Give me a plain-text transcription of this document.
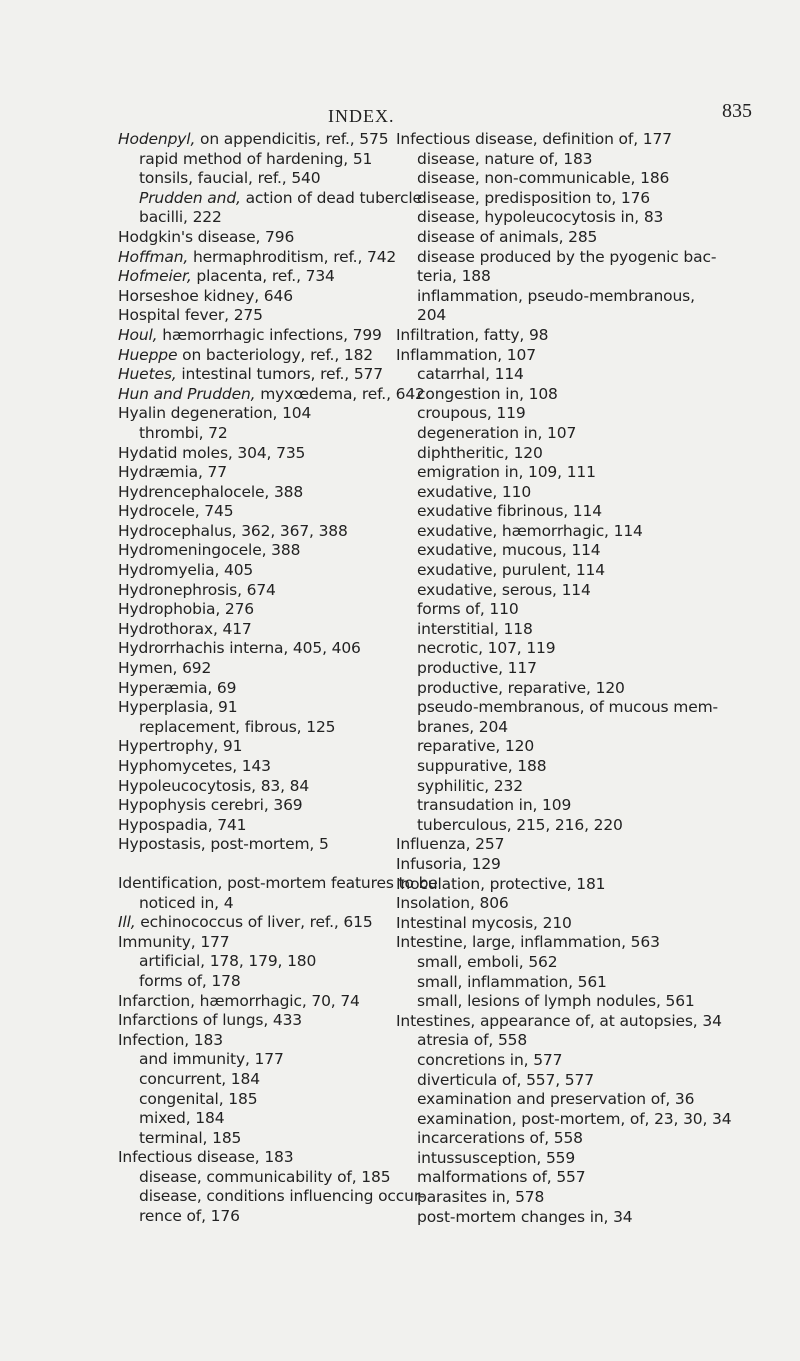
INDEX.	835
Hodenpyl, on appendicitis, ref., 575
rapid method of hardening, 51
tonsils, faucial, ref., 540
Prudden and, action of dead tubercle
bacilli, 222
Hodgkin's disease, 796
Hoffman, hermaphroditism, ref., 742
Hofmeier, placenta, ref., 734
Horseshoe kidney, 646
Hospital fever, 275
Houl, hæmorrhagic infections, 799
Hueppe on bacteriology, ref., 182
Huetes, intestinal tumors, ref., 577
Hun and Prudden, myxœdema, ref., 642
Hyalin degeneration, 104
thrombi, 72
Hydatid moles, 304, 735
Hydræmia, 77
Hydrencephalocele, 388
Hydrocele, 745
Hydrocephalus, 362, 367, 388
Hydromeningocele, 388
Hydromyelia, 405
Hydronephrosis, 674
Hydrophobia, 276
Hydrothorax, 417
Hydrorrhachis interna, 405, 406
Hymen, 692
Hyperæmia, 69
Hyperplasia, 91
replacement, fibrous, 125
Hypertrophy, 91
Hyphomycetes, 143
Hypoleucocytosis, 83, 84
Hypophysis cerebri, 369
Hypospadia, 741
Hypostasis, post-mortem, 5
Identification, post-mortem features to be
noticed in, 4
Ill, echinococcus of liver, ref., 615
Immunity, 177
artificial, 178, 179, 180
forms of, 178
Infarction, hæmorrhagic, 70, 74
Infarctions of lungs, 433
Infection, 183
and immunity, 177
concurrent, 184
congenital, 185
mixed, 184
terminal, 185
Infectious disease, 183
disease, communicability of, 185
disease, conditions influencing occur-
rence of, 176
Infectious disease, definition of, 177
disease, nature of, 183
disease, non-communicable, 186
disease, predisposition to, 176
disease, hypoleucocytosis in, 83
disease of animals, 285
disease produced by the pyogenic bac-
teria, 188
inflammation, pseudo-membranous,
204
Infiltration, fatty, 98
Inflammation, 107
catarrhal, 114
congestion in, 108
croupous, 119
degeneration in, 107
diphtheritic, 120
emigration in, 109, 111
exudative, 110
exudative fibrinous, 114
exudative, hæmorrhagic, 114
exudative, mucous, 114
exudative, purulent, 114
exudative, serous, 114
forms of, 110
interstitial, 118
necrotic, 107, 119
productive, 117
productive, reparative, 120
pseudo-membranous, of mucous mem-
branes, 204
reparative, 120
suppurative, 188
syphilitic, 232
transudation in, 109
tuberculous, 215, 216, 220
Influenza, 257
Infusoria, 129
Inoculation, protective, 181
Insolation, 806
Intestinal mycosis, 210
Intestine, large, inflammation, 563
small, emboli, 562
small, inflammation, 561
small, lesions of lymph nodules, 561
Intestines, appearance of, at autopsies, 34
atresia of, 558
concretions in, 577
diverticula of, 557, 577
examination and preservation of, 36
examination, post-mortem, of, 23, 30, 34
incarcerations of, 558
intussusception, 559
malformations of, 557
parasites in, 578
post-mortem changes in, 34
